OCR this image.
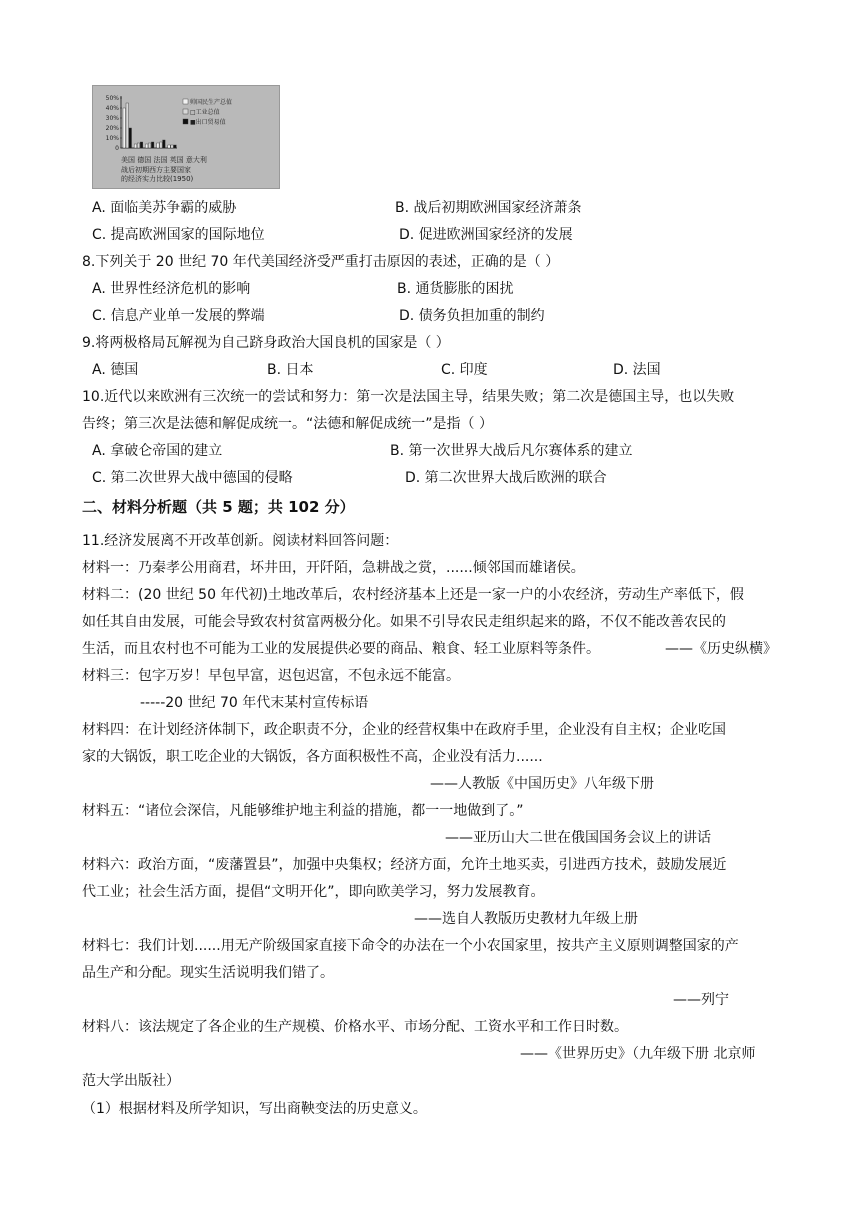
50%
40%
30%
20%
10%
0
帅国民生产总值
□工业总值
■出口贸易值
美国 德国 法国 英国 意大利
战后初期西方主要国家
的经济实力比较(1950)
A. 面临美苏争霸的威胁	B. 战后初期欧洲国家经济萧条
C. 提高欧洲国家的国际地位	D. 促进欧洲国家经济的发展
8.下列关于 20 世纪 70 年代美国经济受严重打击原因的表述，正确的是（ ）
A. 世界性经济危机的影响	B. 通货膨胀的困扰
C. 信息产业单一发展的弊端	D. 债务负担加重的制约
9.将两极格局瓦解视为自己跻身政治大国良机的国家是（ ）
A. 德国	B. 日本	C. 印度	D. 法国
10.近代以来欧洲有三次统一的尝试和努力：第一次是法国主导，结果失败；第二次是德国主导，也以失败
告终；第三次是法德和解促成统一。“法德和解促成统一”是指（ ）
A. 拿破仑帝国的建立	B. 第一次世界大战后凡尔赛体系的建立
C. 第二次世界大战中德国的侵略	D. 第二次世界大战后欧洲的联合
二、材料分析题（共 5 题；共 102 分）
11.经济发展离不开改革创新。阅读材料回答问题：
材料一：乃秦孝公用商君，坏井田，开阡陌，急耕战之赏，......倾邻国而雄诸侯。
材料二：(20 世纪 50 年代初)土地改革后，农村经济基本上还是一家一户的小农经济，劳动生产率低下，假
如任其自由发展，可能会导致农村贫富两极分化。如果不引导农民走组织起来的路，不仅不能改善农民的
生活，而且农村也不可能为工业的发展提供必要的商品、粮食、轻工业原料等条件。	——《历史纵横》
材料三：包字万岁！早包早富，迟包迟富，不包永远不能富。
-----20 世纪 70 年代末某村宣传标语
材料四：在计划经济体制下，政企职责不分，企业的经营权集中在政府手里，企业没有自主权；企业吃国
家的大锅饭，职工吃企业的大锅饭，各方面积极性不高，企业没有活力......
——人教版《中国历史》八年级下册
材料五：“诸位会深信，凡能够维护地主利益的措施，都一一地做到了。”
——亚历山大二世在俄国国务会议上的讲话
材料六：政治方面，“废藩置县”，加强中央集权；经济方面，允许土地买卖，引进西方技术，鼓励发展近
代工业；社会生活方面，提倡“文明开化”，即向欧美学习，努力发展教育。
——选自人教版历史教材九年级上册
材料七：我们计划......用无产阶级国家直接下命令的办法在一个小农国家里，按共产主义原则调整国家的产
品生产和分配。现实生活说明我们错了。
——列宁
材料八：该法规定了各企业的生产规模、价格水平、市场分配、工资水平和工作日时数。
——《世界历史》（九年级下册 北京师
范大学出版社）
（1）根据材料及所学知识，写出商鞅变法的历史意义。
